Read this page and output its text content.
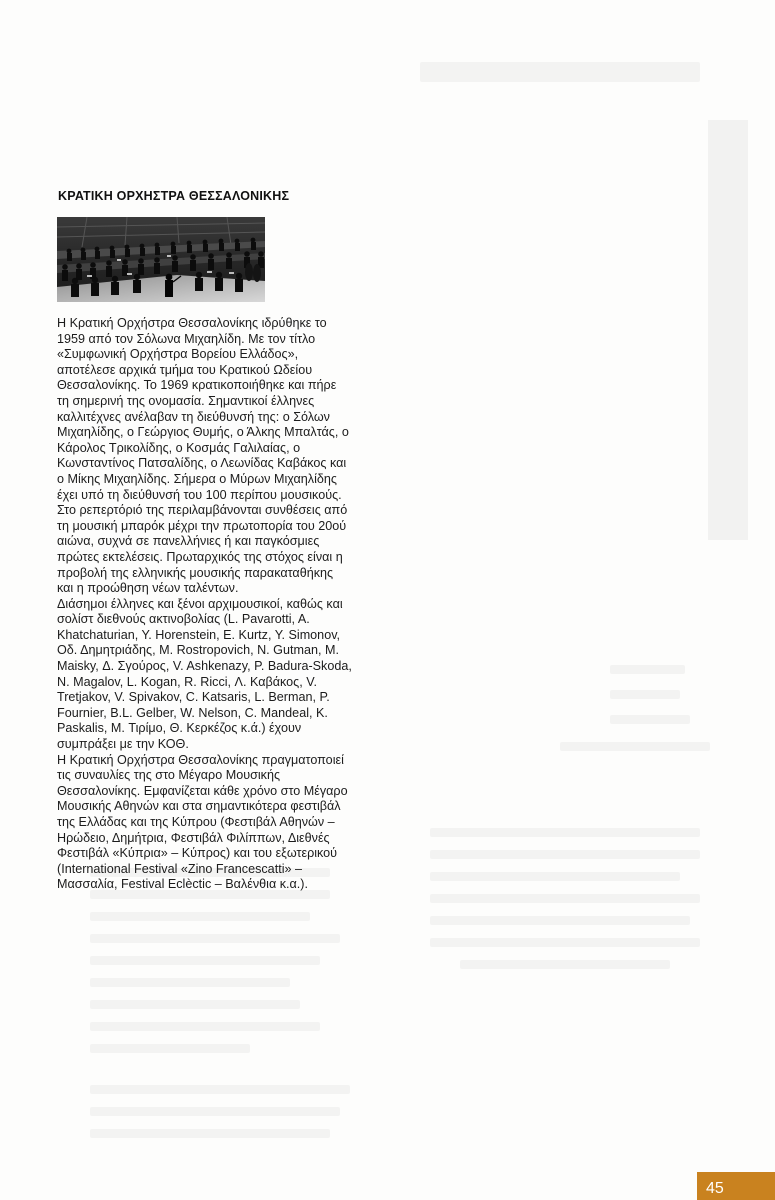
ΚΡΑΤΙΚΗ ΟΡΧΗΣΤΡΑ ΘΕΣΣΑΛΟΝΙΚΗΣ
Η Κρατική Ορχήστρα Θεσσαλονίκης ιδρύθηκε το
1959 από τον Σόλωνα Μιχαηλίδη. Με τον τίτλο
«Συμφωνική Ορχήστρα Βορείου Ελλάδος»,
αποτέλεσε αρχικά τμήμα του Κρατικού Ωδείου
Θεσσαλονίκης. Το 1969 κρατικοποιήθηκε και πήρε
τη σημερινή της ονομασία. Σημαντικοί έλληνες
καλλιτέχνες ανέλαβαν τη διεύθυνσή της: ο Σόλων
Μιχαηλίδης, ο Γεώργιος Θυμής, ο Άλκης Μπαλτάς, ο
Κάρολος Τρικολίδης, ο Κοσμάς Γαλιλαίας, ο
Κωνσταντίνος Πατσαλίδης, ο Λεωνίδας Καβάκος και
ο Μίκης Μιχαηλίδης. Σήμερα ο Μύρων Μιχαηλίδης
έχει υπό τη διεύθυνσή του 100 περίπου μουσικούς.
Στο ρεπερτόριό της περιλαμβάνονται συνθέσεις από
τη μουσική μπαρόκ μέχρι την πρωτοπορία του 20ού
αιώνα, συχνά σε πανελλήνιες ή και παγκόσμιες
πρώτες εκτελέσεις. Πρωταρχικός της στόχος είναι η
προβολή της ελληνικής μουσικής παρακαταθήκης
και η προώθηση νέων ταλέντων.
Διάσημοι έλληνες και ξένοι αρχιμουσικοί, καθώς και
σολίστ διεθνούς ακτινοβολίας (L. Pavarotti, A.
Khatchaturian, Y. Horenstein, E. Kurtz, Y. Simonov,
Οδ. Δημητριάδης, M. Rostropovich, N. Gutman, M.
Maisky, Δ. Σγούρος, V. Ashkenazy, P. Badura-Skoda,
N. Magalov, L. Kogan, R. Ricci, Λ. Καβάκος, V.
Tretjakov, V. Spivakov, C. Katsaris, L. Berman, P.
Fournier, B.L. Gelber, W. Nelson, C. Mandeal, K.
Paskalis, M. Τιρίμο, Θ. Κερκέζος κ.ά.) έχουν
συμπράξει με την ΚΟΘ.
Η Κρατική Ορχήστρα Θεσσαλονίκης πραγματοποιεί
τις συναυλίες της στο Μέγαρο Μουσικής
Θεσσαλονίκης. Εμφανίζεται κάθε χρόνο στο Μέγαρο
Μουσικής Αθηνών και στα σημαντικότερα φεστιβάλ
της Ελλάδας και της Κύπρου (Φεστιβάλ Αθηνών –
Ηρώδειο, Δημήτρια, Φεστιβάλ Φιλίππων, Διεθνές
Φεστιβάλ «Κύπρια» – Κύπρος) και του εξωτερικού
(International Festival «Zino Francescatti» –
Μασσαλία, Festival Eclèctic – Βαλένθια κ.α.).
45
